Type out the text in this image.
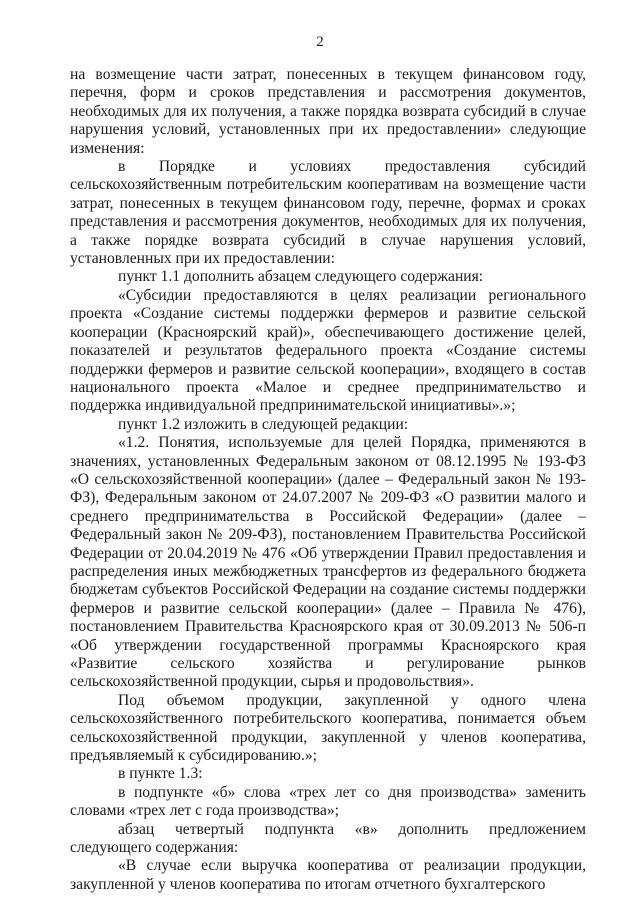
2

на возмещение части затрат, понесенных в текущем финансовом году, перечня, форм и сроков представления и рассмотрения документов, необходимых для их получения, а также порядка возврата субсидий в случае нарушения условий, установленных при их предоставлении» следующие изменения:

в Порядке и условиях предоставления субсидий сельскохозяйственным потребительским кооперативам на возмещение части затрат, понесенных в текущем финансовом году, перечне, формах и сроках представления и рассмотрения документов, необходимых для их получения, а также порядке возврата субсидий в случае нарушения условий, установленных при их предоставлении:

пункт 1.1 дополнить абзацем следующего содержания:

«Субсидии предоставляются в целях реализации регионального проекта «Создание системы поддержки фермеров и развитие сельской кооперации (Красноярский край)», обеспечивающего достижение целей, показателей и результатов федерального проекта «Создание системы поддержки фермеров и развитие сельской кооперации», входящего в состав национального проекта «Малое и среднее предпринимательство и поддержка индивидуальной предпринимательской инициативы».»;

пункт 1.2 изложить в следующей редакции:

«1.2. Понятия, используемые для целей Порядка, применяются в значениях, установленных Федеральным законом от 08.12.1995 № 193-ФЗ «О сельскохозяйственной кооперации» (далее – Федеральный закон № 193-ФЗ), Федеральным законом от 24.07.2007 № 209-ФЗ «О развитии малого и среднего предпринимательства в Российской Федерации» (далее – Федеральный закон № 209-ФЗ), постановлением Правительства Российской Федерации от 20.04.2019 № 476 «Об утверждении Правил предоставления и распределения иных межбюджетных трансфертов из федерального бюджета бюджетам субъектов Российской Федерации на создание системы поддержки фермеров и развитие сельской кооперации» (далее – Правила № 476), постановлением Правительства Красноярского края от 30.09.2013 № 506-п «Об утверждении государственной программы Красноярского края «Развитие сельского хозяйства и регулирование рынков сельскохозяйственной продукции, сырья и продовольствия».

Под объемом продукции, закупленной у одного члена сельскохозяйственного потребительского кооператива, понимается объем сельскохозяйственной продукции, закупленной у членов кооператива, предъявляемый к субсидированию.»;

в пункте 1.3:

в подпункте «б» слова «трех лет со дня производства» заменить словами «трех лет с года производства»;

абзац четвертый подпункта «в» дополнить предложением следующего содержания:

«В случае если выручка кооператива от реализации продукции, закупленной у членов кооператива по итогам отчетного бухгалтерского
